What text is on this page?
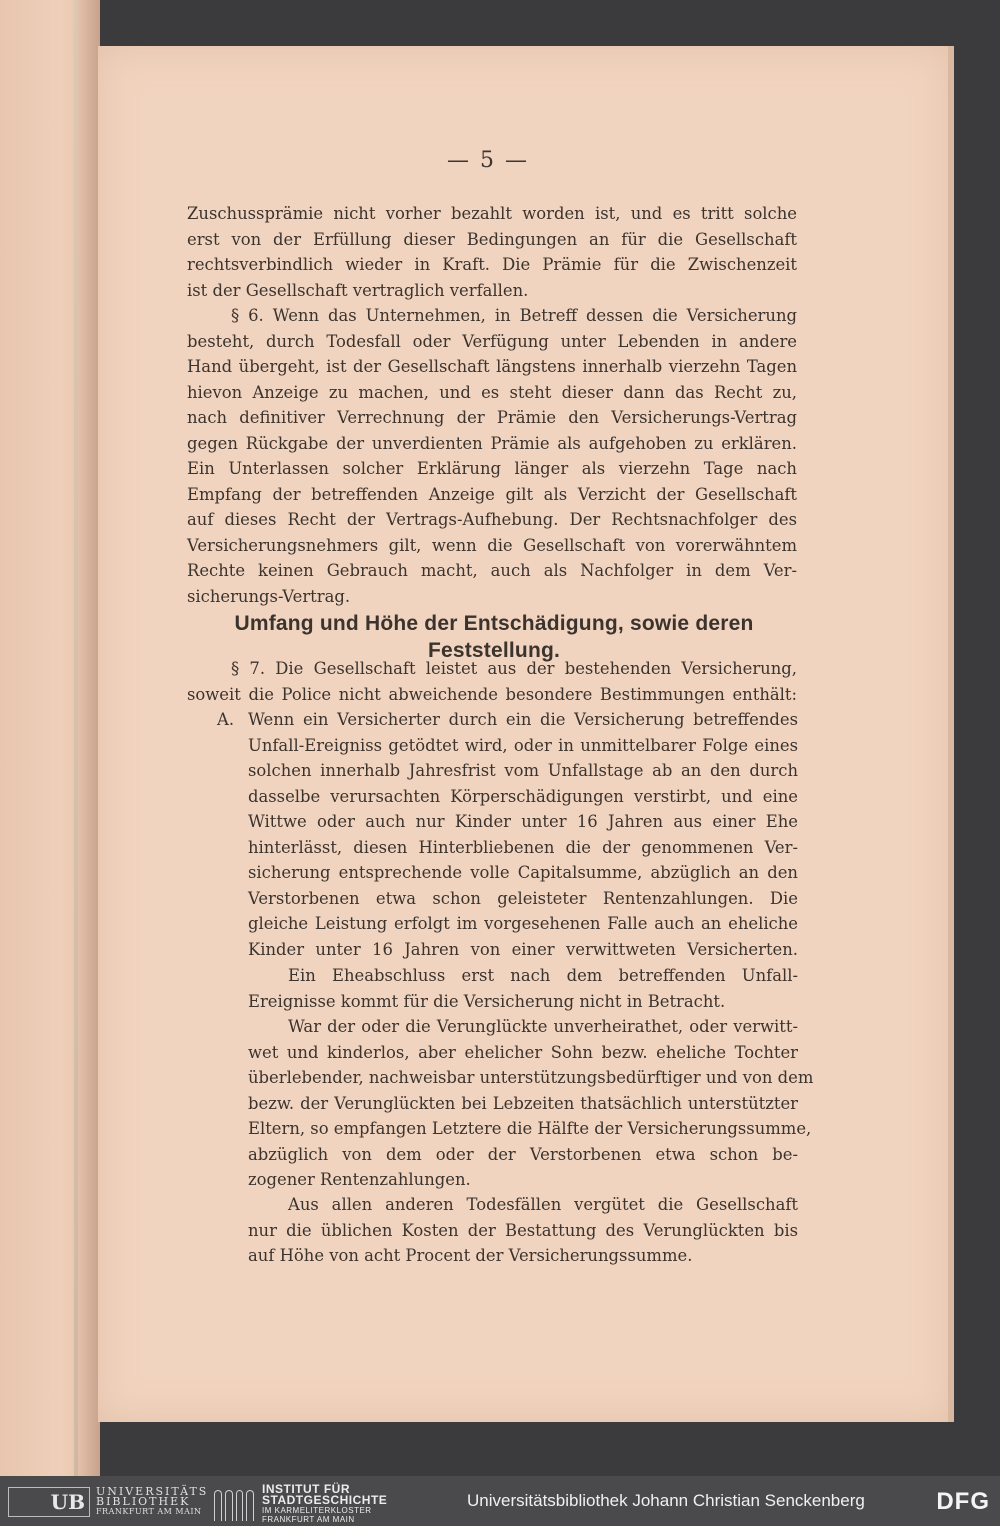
— 5 —
Zuschussprämie nicht vorher bezahlt worden ist, und es tritt solche
erst von der Erfüllung dieser Bedingungen an für die Gesellschaft
rechtsverbindlich wieder in Kraft. Die Prämie für die Zwischenzeit
ist der Gesellschaft vertraglich verfallen.
§ 6. Wenn das Unternehmen, in Betreff dessen die Versicherung
besteht, durch Todesfall oder Verfügung unter Lebenden in andere
Hand übergeht, ist der Gesellschaft längstens innerhalb vierzehn Tagen
hievon Anzeige zu machen, und es steht dieser dann das Recht zu,
nach definitiver Verrechnung der Prämie den Versicherungs-Vertrag
gegen Rückgabe der unverdienten Prämie als aufgehoben zu erklären.
Ein Unterlassen solcher Erklärung länger als vierzehn Tage nach
Empfang der betreffenden Anzeige gilt als Verzicht der Gesellschaft
auf dieses Recht der Vertrags-Aufhebung. Der Rechtsnachfolger des
Versicherungsnehmers gilt, wenn die Gesellschaft von vorerwähntem
Rechte keinen Gebrauch macht, auch als Nachfolger in dem Ver-
sicherungs-Vertrag.
Umfang und Höhe der Entschädigung, sowie deren
Feststellung.
§ 7. Die Gesellschaft leistet aus der bestehenden Versicherung,
soweit die Police nicht abweichende besondere Bestimmungen enthält:
A. Wenn ein Versicherter durch ein die Versicherung betreffendes
Unfall-Ereigniss getödtet wird, oder in unmittelbarer Folge eines
solchen innerhalb Jahresfrist vom Unfallstage ab an den durch
dasselbe verursachten Körperschädigungen verstirbt, und eine
Wittwe oder auch nur Kinder unter 16 Jahren aus einer Ehe
hinterlässt, diesen Hinterbliebenen die der genommenen Ver-
sicherung entsprechende volle Capitalsumme, abzüglich an den
Verstorbenen etwa schon geleisteter Rentenzahlungen. Die
gleiche Leistung erfolgt im vorgesehenen Falle auch an eheliche
Kinder unter 16 Jahren von einer verwittweten Versicherten.
Ein Eheabschluss erst nach dem betreffenden Unfall-
Ereignisse kommt für die Versicherung nicht in Betracht.
War der oder die Verunglückte unverheirathet, oder verwitt-
wet und kinderlos, aber ehelicher Sohn bezw. eheliche Tochter
überlebender, nachweisbar unterstützungsbedürftiger und von dem
bezw. der Verunglückten bei Lebzeiten thatsächlich unterstützter
Eltern, so empfangen Letztere die Hälfte der Versicherungssumme,
abzüglich von dem oder der Verstorbenen etwa schon be-
zogener Rentenzahlungen.
Aus allen anderen Todesfällen vergütet die Gesellschaft
nur die üblichen Kosten der Bestattung des Verunglückten bis
auf Höhe von acht Procent der Versicherungssumme.
UB	UNIVERSITÄTS
BIBLIOTHEK
FRANKFURT AM MAIN
INSTITUT FÜR
STADTGESCHICHTE
IM KARMELITERKLOSTER
FRANKFURT AM MAIN
Universitätsbibliothek Johann Christian Senckenberg	DFG
